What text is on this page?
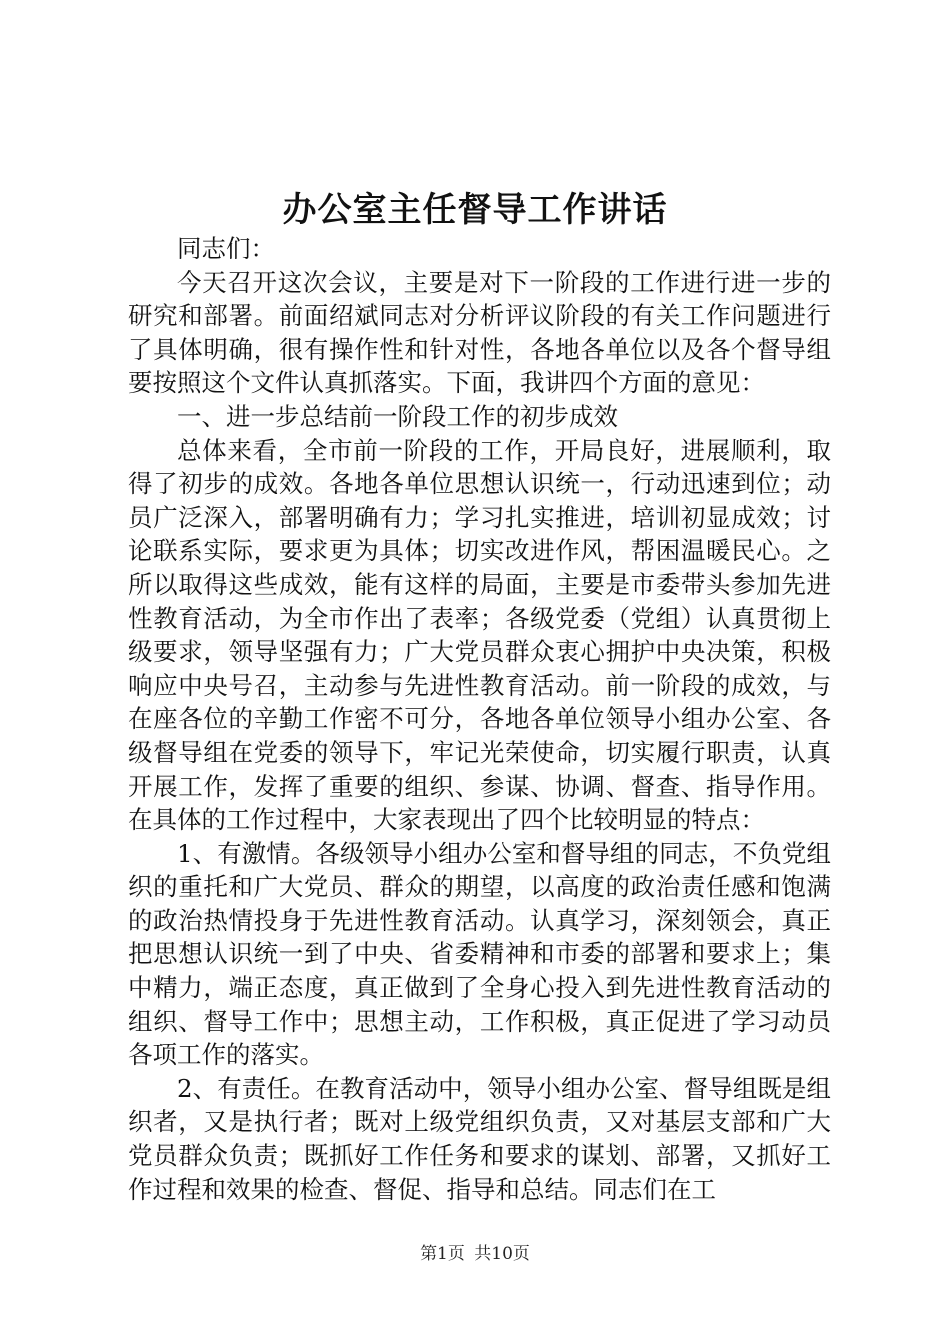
办公室主任督导工作讲话

同志们：

今天召开这次会议，主要是对下一阶段的工作进行进一步的研究和部署。前面绍斌同志对分析评议阶段的有关工作问题进行了具体明确，很有操作性和针对性，各地各单位以及各个督导组要按照这个文件认真抓落实。下面，我讲四个方面的意见：

一、进一步总结前一阶段工作的初步成效

总体来看，全市前一阶段的工作，开局良好，进展顺利，取得了初步的成效。各地各单位思想认识统一，行动迅速到位；动员广泛深入，部署明确有力；学习扎实推进，培训初显成效；讨论联系实际，要求更为具体；切实改进作风，帮困温暖民心。之所以取得这些成效，能有这样的局面，主要是市委带头参加先进性教育活动，为全市作出了表率；各级党委（党组）认真贯彻上级要求，领导坚强有力；广大党员群众衷心拥护中央决策，积极响应中央号召，主动参与先进性教育活动。前一阶段的成效，与在座各位的辛勤工作密不可分，各地各单位领导小组办公室、各级督导组在党委的领导下，牢记光荣使命，切实履行职责，认真开展工作，发挥了重要的组织、参谋、协调、督查、指导作用。在具体的工作过程中，大家表现出了四个比较明显的特点：

1、有激情。各级领导小组办公室和督导组的同志，不负党组织的重托和广大党员、群众的期望，以高度的政治责任感和饱满的政治热情投身于先进性教育活动。认真学习，深刻领会，真正把思想认识统一到了中央、省委精神和市委的部署和要求上；集中精力，端正态度，真正做到了全身心投入到先进性教育活动的组织、督导工作中；思想主动，工作积极，真正促进了学习动员各项工作的落实。

2、有责任。在教育活动中，领导小组办公室、督导组既是组织者，又是执行者；既对上级党组织负责，又对基层支部和广大党员群众负责；既抓好工作任务和要求的谋划、部署，又抓好工作过程和效果的检查、督促、指导和总结。同志们在工

第1页 共10页
